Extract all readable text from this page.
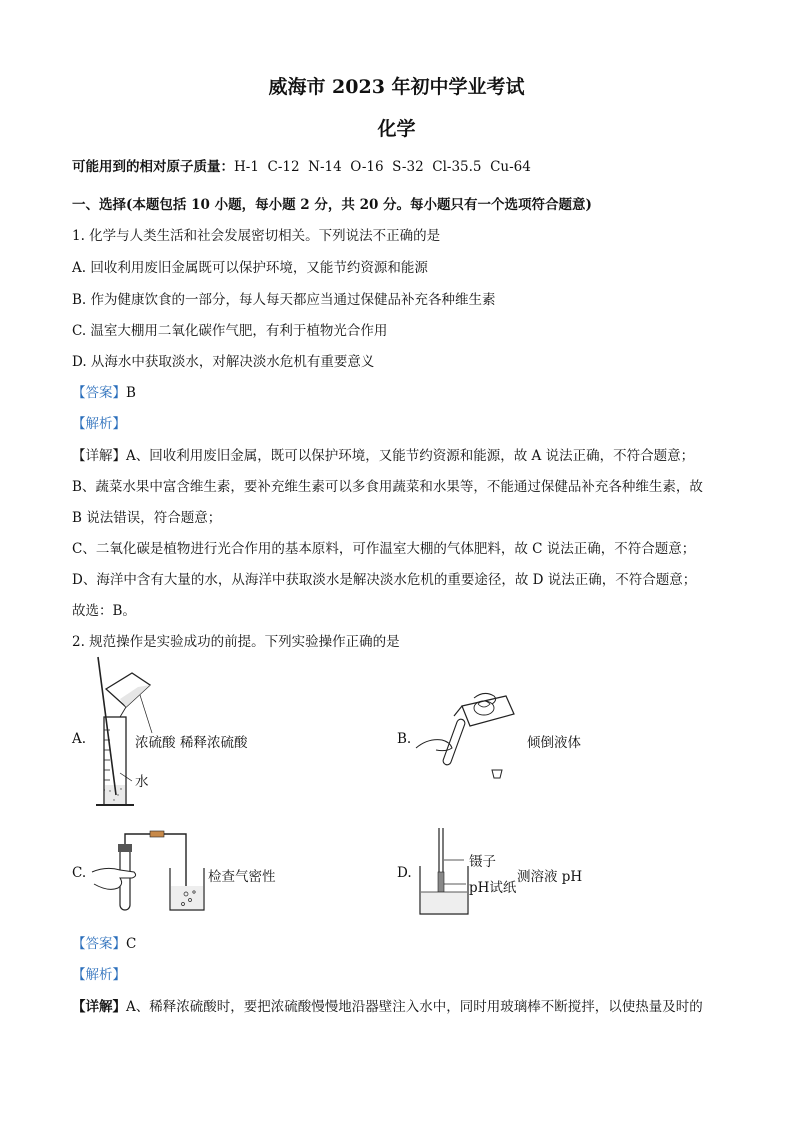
威海市 2023 年初中学业考试
化学
可能用到的相对原子质量：H-1  C-12  N-14  O-16  S-32  Cl-35.5  Cu-64
一、选择(本题包括 10 小题，每小题 2 分，共 20 分。每小题只有一个选项符合题意)
1. 化学与人类生活和社会发展密切相关。下列说法不正确的是
A. 回收利用废旧金属既可以保护环境，又能节约资源和能源
B. 作为健康饮食的一部分，每人每天都应当通过保健品补充各种维生素
C. 温室大棚用二氧化碳作气肥，有利于植物光合作用
D. 从海水中获取淡水，对解决淡水危机有重要意义
【答案】B
【解析】
【详解】A、回收利用废旧金属，既可以保护环境，又能节约资源和能源，故 A 说法正确，不符合题意；
B、蔬菜水果中富含维生素，要补充维生素可以多食用蔬菜和水果等，不能通过保健品补充各种维生素，故
B 说法错误，符合题意；
C、二氧化碳是植物进行光合作用的基本原料，可作温室大棚的气体肥料，故 C 说法正确，不符合题意；
D、海洋中含有大量的水，从海洋中获取淡水是解决淡水危机的重要途径，故 D 说法正确，不符合题意；
故选：B。
2. 规范操作是实验成功的前提。下列实验操作正确的是
A.	浓硫酸
水
稀释浓硫酸	B.	倾倒液体
C.	检查气密性	D.
镊子
pH试纸
测溶液 pH
【答案】C
【解析】
【详解】A、稀释浓硫酸时，要把浓硫酸慢慢地沿器壁注入水中，同时用玻璃棒不断搅拌，以使热量及时的
